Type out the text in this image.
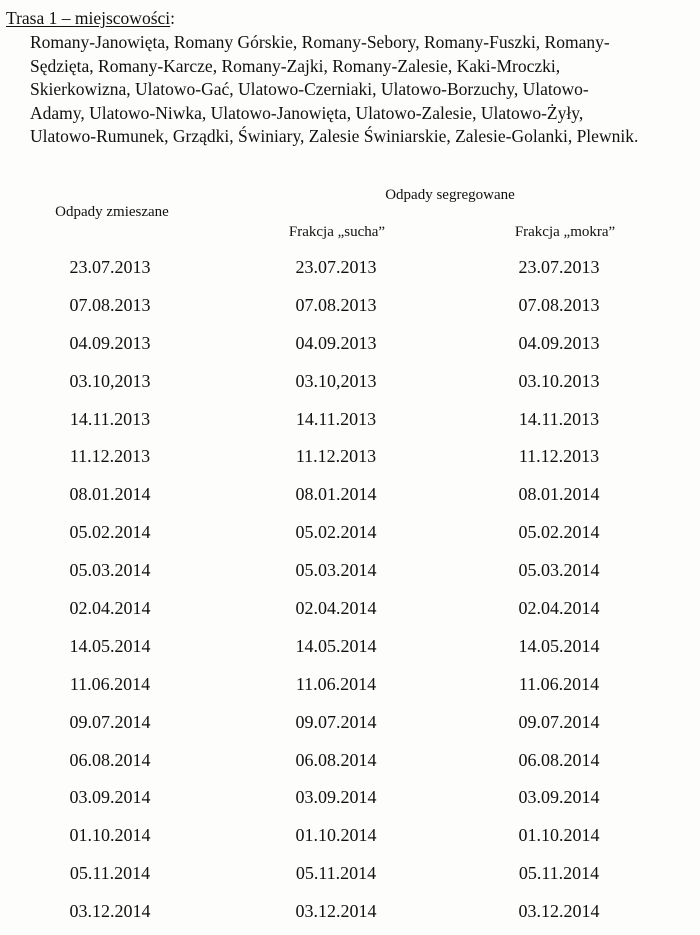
Trasa 1 – miejscowości:
Romany-Janowięta, Romany Górskie, Romany-Sebory, Romany-Fuszki, Romany-
Sędzięta, Romany-Karcze, Romany-Zajki, Romany-Zalesie, Kaki-Mroczki,
Skierkowizna, Ulatowo-Gać, Ulatowo-Czerniaki, Ulatowo-Borzuchy, Ulatowo-
Adamy, Ulatowo-Niwka, Ulatowo-Janowięta, Ulatowo-Zalesie, Ulatowo-Żyły,
Ulatowo-Rumunek, Grządki, Świniary, Zalesie Świniarskie, Zalesie-Golanki, Plewnik.
Odpady segregowane
Odpady zmieszane
Frakcja „sucha”	Frakcja „mokra”
23.07.2013
07.08.2013
04.09.2013
03.10,2013
14.11.2013
11.12.2013
08.01.2014
05.02.2014
05.03.2014
02.04.2014
14.05.2014
11.06.2014
09.07.2014
06.08.2014
03.09.2014
01.10.2014
05.11.2014
03.12.2014
23.07.2013
07.08.2013
04.09.2013
03.10,2013
14.11.2013
11.12.2013
08.01.2014
05.02.2014
05.03.2014
02.04.2014
14.05.2014
11.06.2014
09.07.2014
06.08.2014
03.09.2014
01.10.2014
05.11.2014
03.12.2014
23.07.2013
07.08.2013
04.09.2013
03.10.2013
14.11.2013
11.12.2013
08.01.2014
05.02.2014
05.03.2014
02.04.2014
14.05.2014
11.06.2014
09.07.2014
06.08.2014
03.09.2014
01.10.2014
05.11.2014
03.12.2014
